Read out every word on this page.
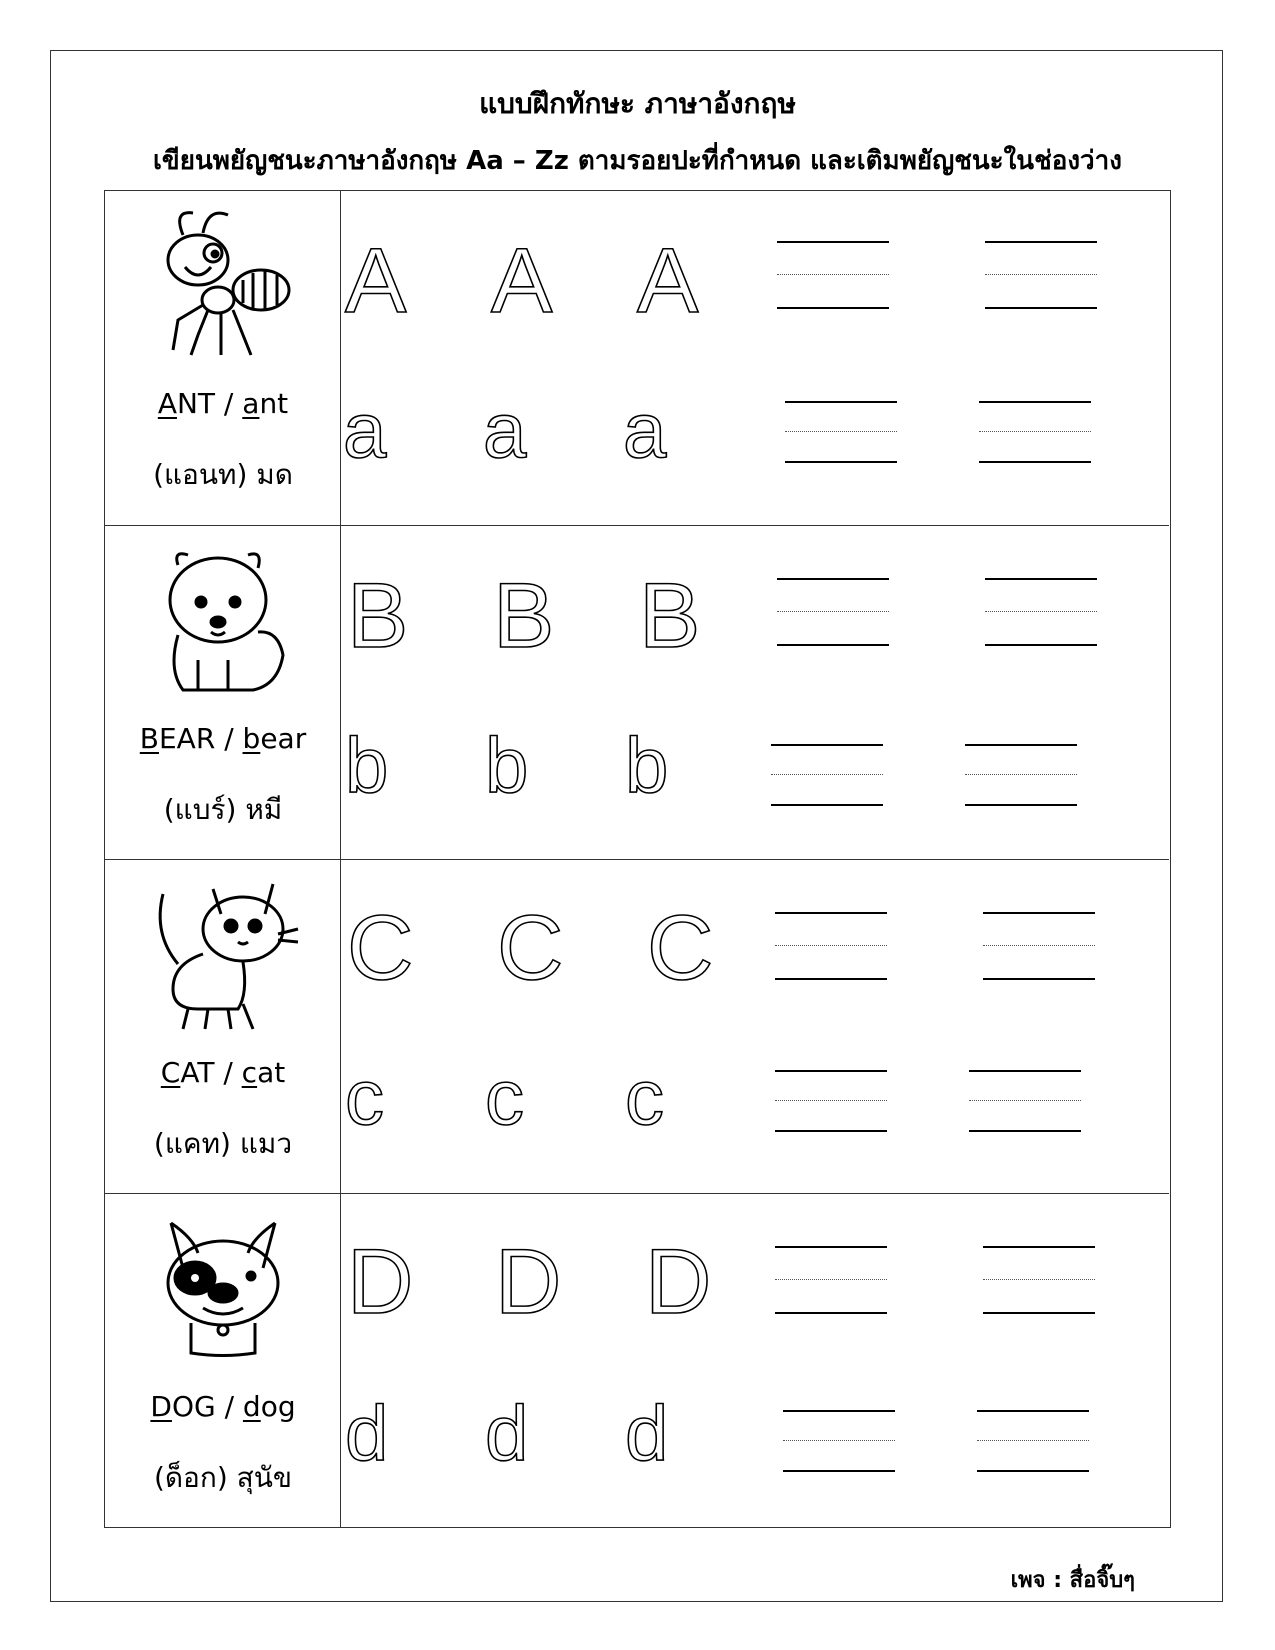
แบบฝึกทักษะ ภาษาอังกฤษ
เขียนพยัญชนะภาษาอังกฤษ Aa – Zz ตามรอยปะที่กำหนด และเติมพยัญชนะในช่องว่าง
ANT / ant
(แอนท) มด
A A A
a a a
BEAR / bear
(แบร์) หมี
B B B
b b b
CAT / cat
(แคท) แมว
C C C
c c c
DOG / dog
(ด็อก) สุนัข
D D D
d d d
เพจ : สื่อจิ๊บๆ
